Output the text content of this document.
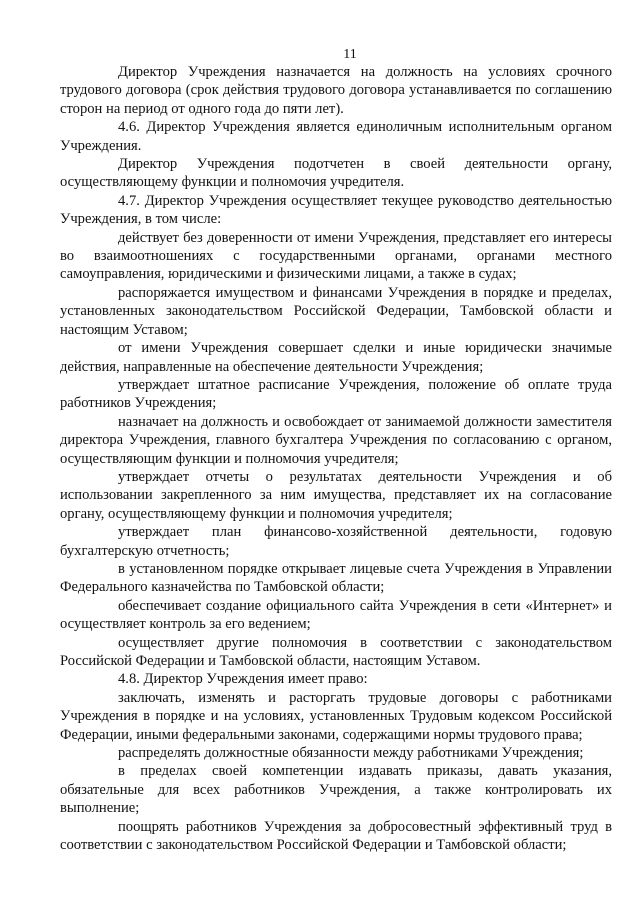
11

Директор Учреждения назначается на должность на условиях срочного трудового договора (срок действия трудового договора устанавливается по соглашению сторон на период от одного года до пяти лет).

4.6. Директор Учреждения является единоличным исполнительным органом Учреждения.

Директор Учреждения подотчетен в своей деятельности органу, осуществляющему функции и полномочия учредителя.

4.7. Директор Учреждения осуществляет текущее руководство деятельностью Учреждения, в том числе:

действует без доверенности от имени Учреждения, представляет его интересы во взаимоотношениях с государственными органами, органами местного самоуправления, юридическими и физическими лицами, а также в судах;

распоряжается имуществом и финансами Учреждения в порядке и пределах, установленных законодательством Российской Федерации, Тамбовской области и настоящим Уставом;

от имени Учреждения совершает сделки и иные юридически значимые действия, направленные на обеспечение деятельности Учреждения;

утверждает штатное расписание Учреждения, положение об оплате труда работников Учреждения;

назначает на должность и освобождает от занимаемой должности заместителя директора Учреждения, главного бухгалтера Учреждения по согласованию с органом, осуществляющим функции и полномочия учредителя;

утверждает отчеты о результатах деятельности Учреждения и об использовании закрепленного за ним имущества, представляет их на согласование органу, осуществляющему функции и полномочия учредителя;

утверждает план финансово-хозяйственной деятельности, годовую бухгалтерскую отчетность;

в установленном порядке открывает лицевые счета Учреждения в Управлении Федерального казначейства по Тамбовской области;

обеспечивает создание официального сайта Учреждения в сети «Интернет» и осуществляет контроль за его ведением;

осуществляет другие полномочия в соответствии с законодательством Российской Федерации и Тамбовской области, настоящим Уставом.

4.8. Директор Учреждения имеет право:

заключать, изменять и расторгать трудовые договоры с работниками Учреждения в порядке и на условиях, установленных Трудовым кодексом Российской Федерации, иными федеральными законами, содержащими нормы трудового права;

распределять должностные обязанности между работниками Учреждения;

в пределах своей компетенции издавать приказы, давать указания, обязательные для всех работников Учреждения, а также контролировать их выполнение;

поощрять работников Учреждения за добросовестный эффективный труд в соответствии с законодательством Российской Федерации и Тамбовской области;
